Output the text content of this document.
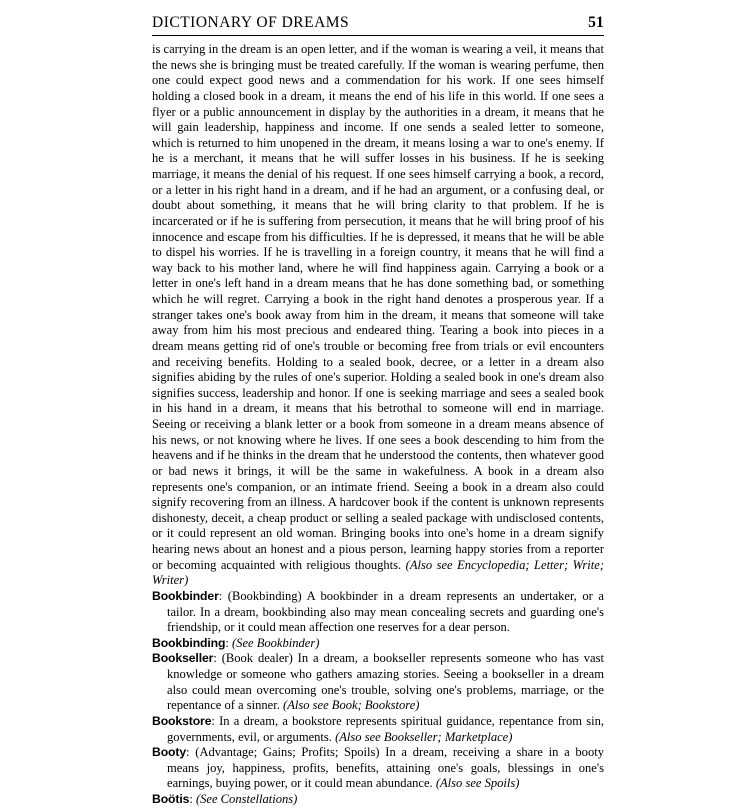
DICTIONARY OF DREAMS	51

is carrying in the dream is an open letter, and if the woman is wearing a veil, it means that the news she is bringing must be treated carefully. If the woman is wearing perfume, then one could expect good news and a commendation for his work. If one sees himself holding a closed book in a dream, it means the end of his life in this world. If one sees a flyer or a public announcement in display by the authorities in a dream, it means that he will gain leadership, happiness and income. If one sends a sealed letter to someone, which is returned to him unopened in the dream, it means losing a war to one's enemy. If he is a merchant, it means that he will suffer losses in his business. If he is seeking marriage, it means the denial of his request. If one sees himself carrying a book, a record, or a letter in his right hand in a dream, and if he had an argument, or a confusing deal, or doubt about something, it means that he will bring clarity to that problem. If he is incarcerated or if he is suffering from persecution, it means that he will bring proof of his innocence and escape from his difficulties. If he is depressed, it means that he will be able to dispel his worries. If he is travelling in a foreign country, it means that he will find a way back to his mother land, where he will find happiness again. Carrying a book or a letter in one's left hand in a dream means that he has done something bad, or something which he will regret. Carrying a book in the right hand denotes a prosperous year. If a stranger takes one's book away from him in the dream, it means that someone will take away from him his most precious and endeared thing. Tearing a book into pieces in a dream means getting rid of one's trouble or becoming free from trials or evil encounters and receiving benefits. Holding to a sealed book, decree, or a letter in a dream also signifies abiding by the rules of one's superior. Holding a sealed book in one's dream also signifies success, leadership and honor. If one is seeking marriage and sees a sealed book in his hand in a dream, it means that his betrothal to someone will end in marriage. Seeing or receiving a blank letter or a book from someone in a dream means absence of his news, or not knowing where he lives. If one sees a book descending to him from the heavens and if he thinks in the dream that he understood the contents, then whatever good or bad news it brings, it will be the same in wakefulness. A book in a dream also represents one's companion, or an intimate friend. Seeing a book in a dream also could signify recovering from an illness. A hardcover book if the content is unknown represents dishonesty, deceit, a cheap product or selling a sealed package with undisclosed contents, or it could represent an old woman. Bringing books into one's home in a dream signify hearing news about an honest and a pious person, learning happy stories from a reporter or becoming acquainted with religious thoughts. (Also see Encyclopedia; Letter; Write; Writer)

Bookbinder: (Bookbinding) A bookbinder in a dream represents an undertaker, or a tailor. In a dream, bookbinding also may mean concealing secrets and guarding one's friendship, or it could mean affection one reserves for a dear person.

Bookbinding: (See Bookbinder)

Bookseller: (Book dealer) In a dream, a bookseller represents someone who has vast knowledge or someone who gathers amazing stories. Seeing a bookseller in a dream also could mean overcoming one's trouble, solving one's problems, marriage, or the repentance of a sinner. (Also see Book; Bookstore)

Bookstore: In a dream, a bookstore represents spiritual guidance, repentance from sin, governments, evil, or arguments. (Also see Bookseller; Marketplace)

Booty: (Advantage; Gains; Profits; Spoils) In a dream, receiving a share in a booty means joy, happiness, profits, benefits, attaining one's goals, blessings in one's earnings, buying power, or it could mean abundance. (Also see Spoils)

Boötis: (See Constellations)
